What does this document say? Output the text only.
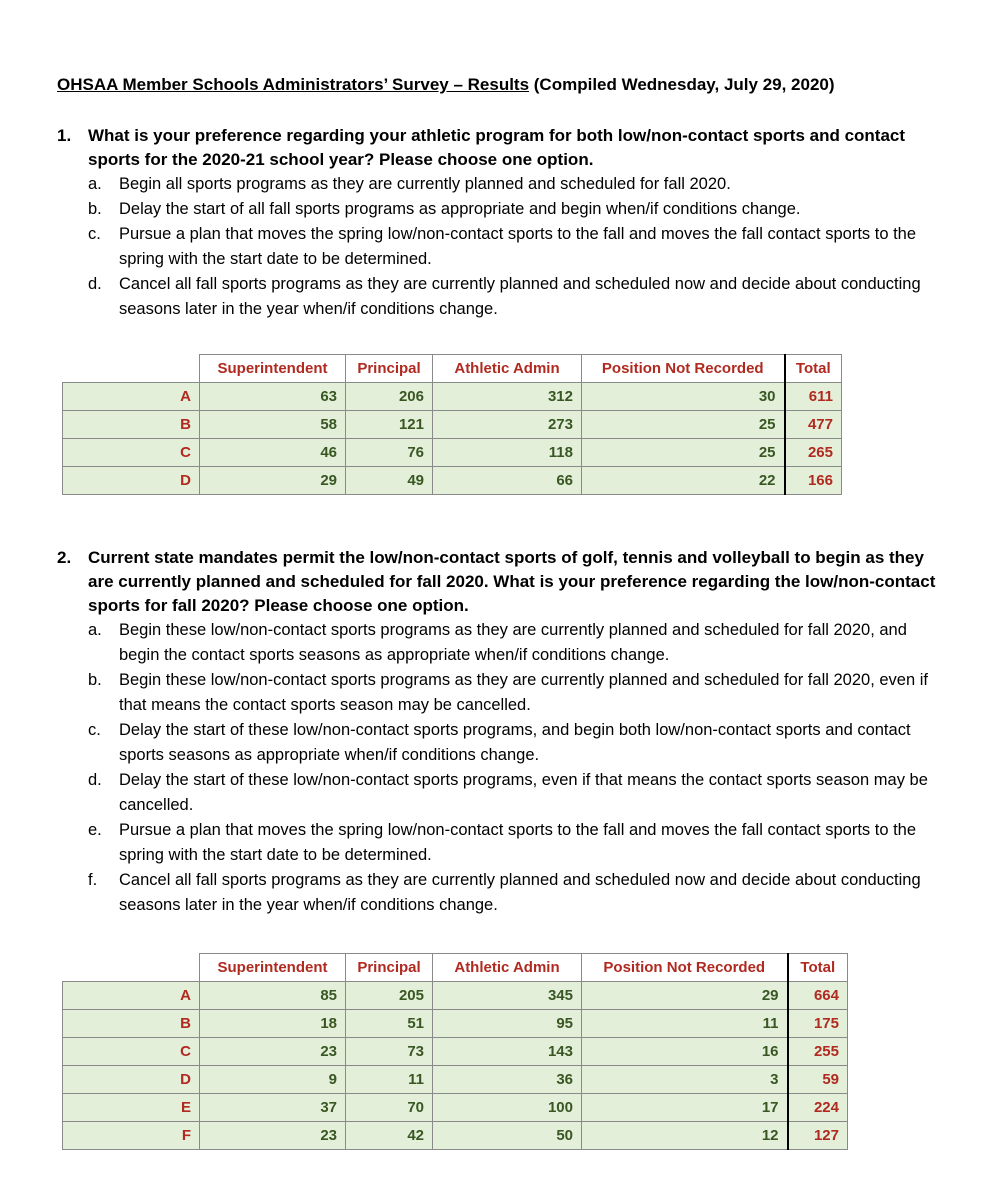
OHSAA Member Schools Administrators’ Survey – Results (Compiled Wednesday, July 29, 2020)
1. What is your preference regarding your athletic program for both low/non-contact sports and contact sports for the 2020-21 school year? Please choose one option.
a. Begin all sports programs as they are currently planned and scheduled for fall 2020.
b. Delay the start of all fall sports programs as appropriate and begin when/if conditions change.
c. Pursue a plan that moves the spring low/non-contact sports to the fall and moves the fall contact sports to the spring with the start date to be determined.
d. Cancel all fall sports programs as they are currently planned and scheduled now and decide about conducting seasons later in the year when/if conditions change.
	Superintendent	Principal	Athletic Admin	Position Not Recorded	Total
A	63	206	312	30	611
B	58	121	273	25	477
C	46	76	118	25	265
D	29	49	66	22	166
2. Current state mandates permit the low/non-contact sports of golf, tennis and volleyball to begin as they are currently planned and scheduled for fall 2020. What is your preference regarding the low/non-contact sports for fall 2020? Please choose one option.
a. Begin these low/non-contact sports programs as they are currently planned and scheduled for fall 2020, and begin the contact sports seasons as appropriate when/if conditions change.
b. Begin these low/non-contact sports programs as they are currently planned and scheduled for fall 2020, even if that means the contact sports season may be cancelled.
c. Delay the start of these low/non-contact sports programs, and begin both low/non-contact sports and contact sports seasons as appropriate when/if conditions change.
d. Delay the start of these low/non-contact sports programs, even if that means the contact sports season may be cancelled.
e. Pursue a plan that moves the spring low/non-contact sports to the fall and moves the fall contact sports to the spring with the start date to be determined.
f. Cancel all fall sports programs as they are currently planned and scheduled now and decide about conducting seasons later in the year when/if conditions change.
	Superintendent	Principal	Athletic Admin	Position Not Recorded	Total
A	85	205	345	29	664
B	18	51	95	11	175
C	23	73	143	16	255
D	9	11	36	3	59
E	37	70	100	17	224
F	23	42	50	12	127
